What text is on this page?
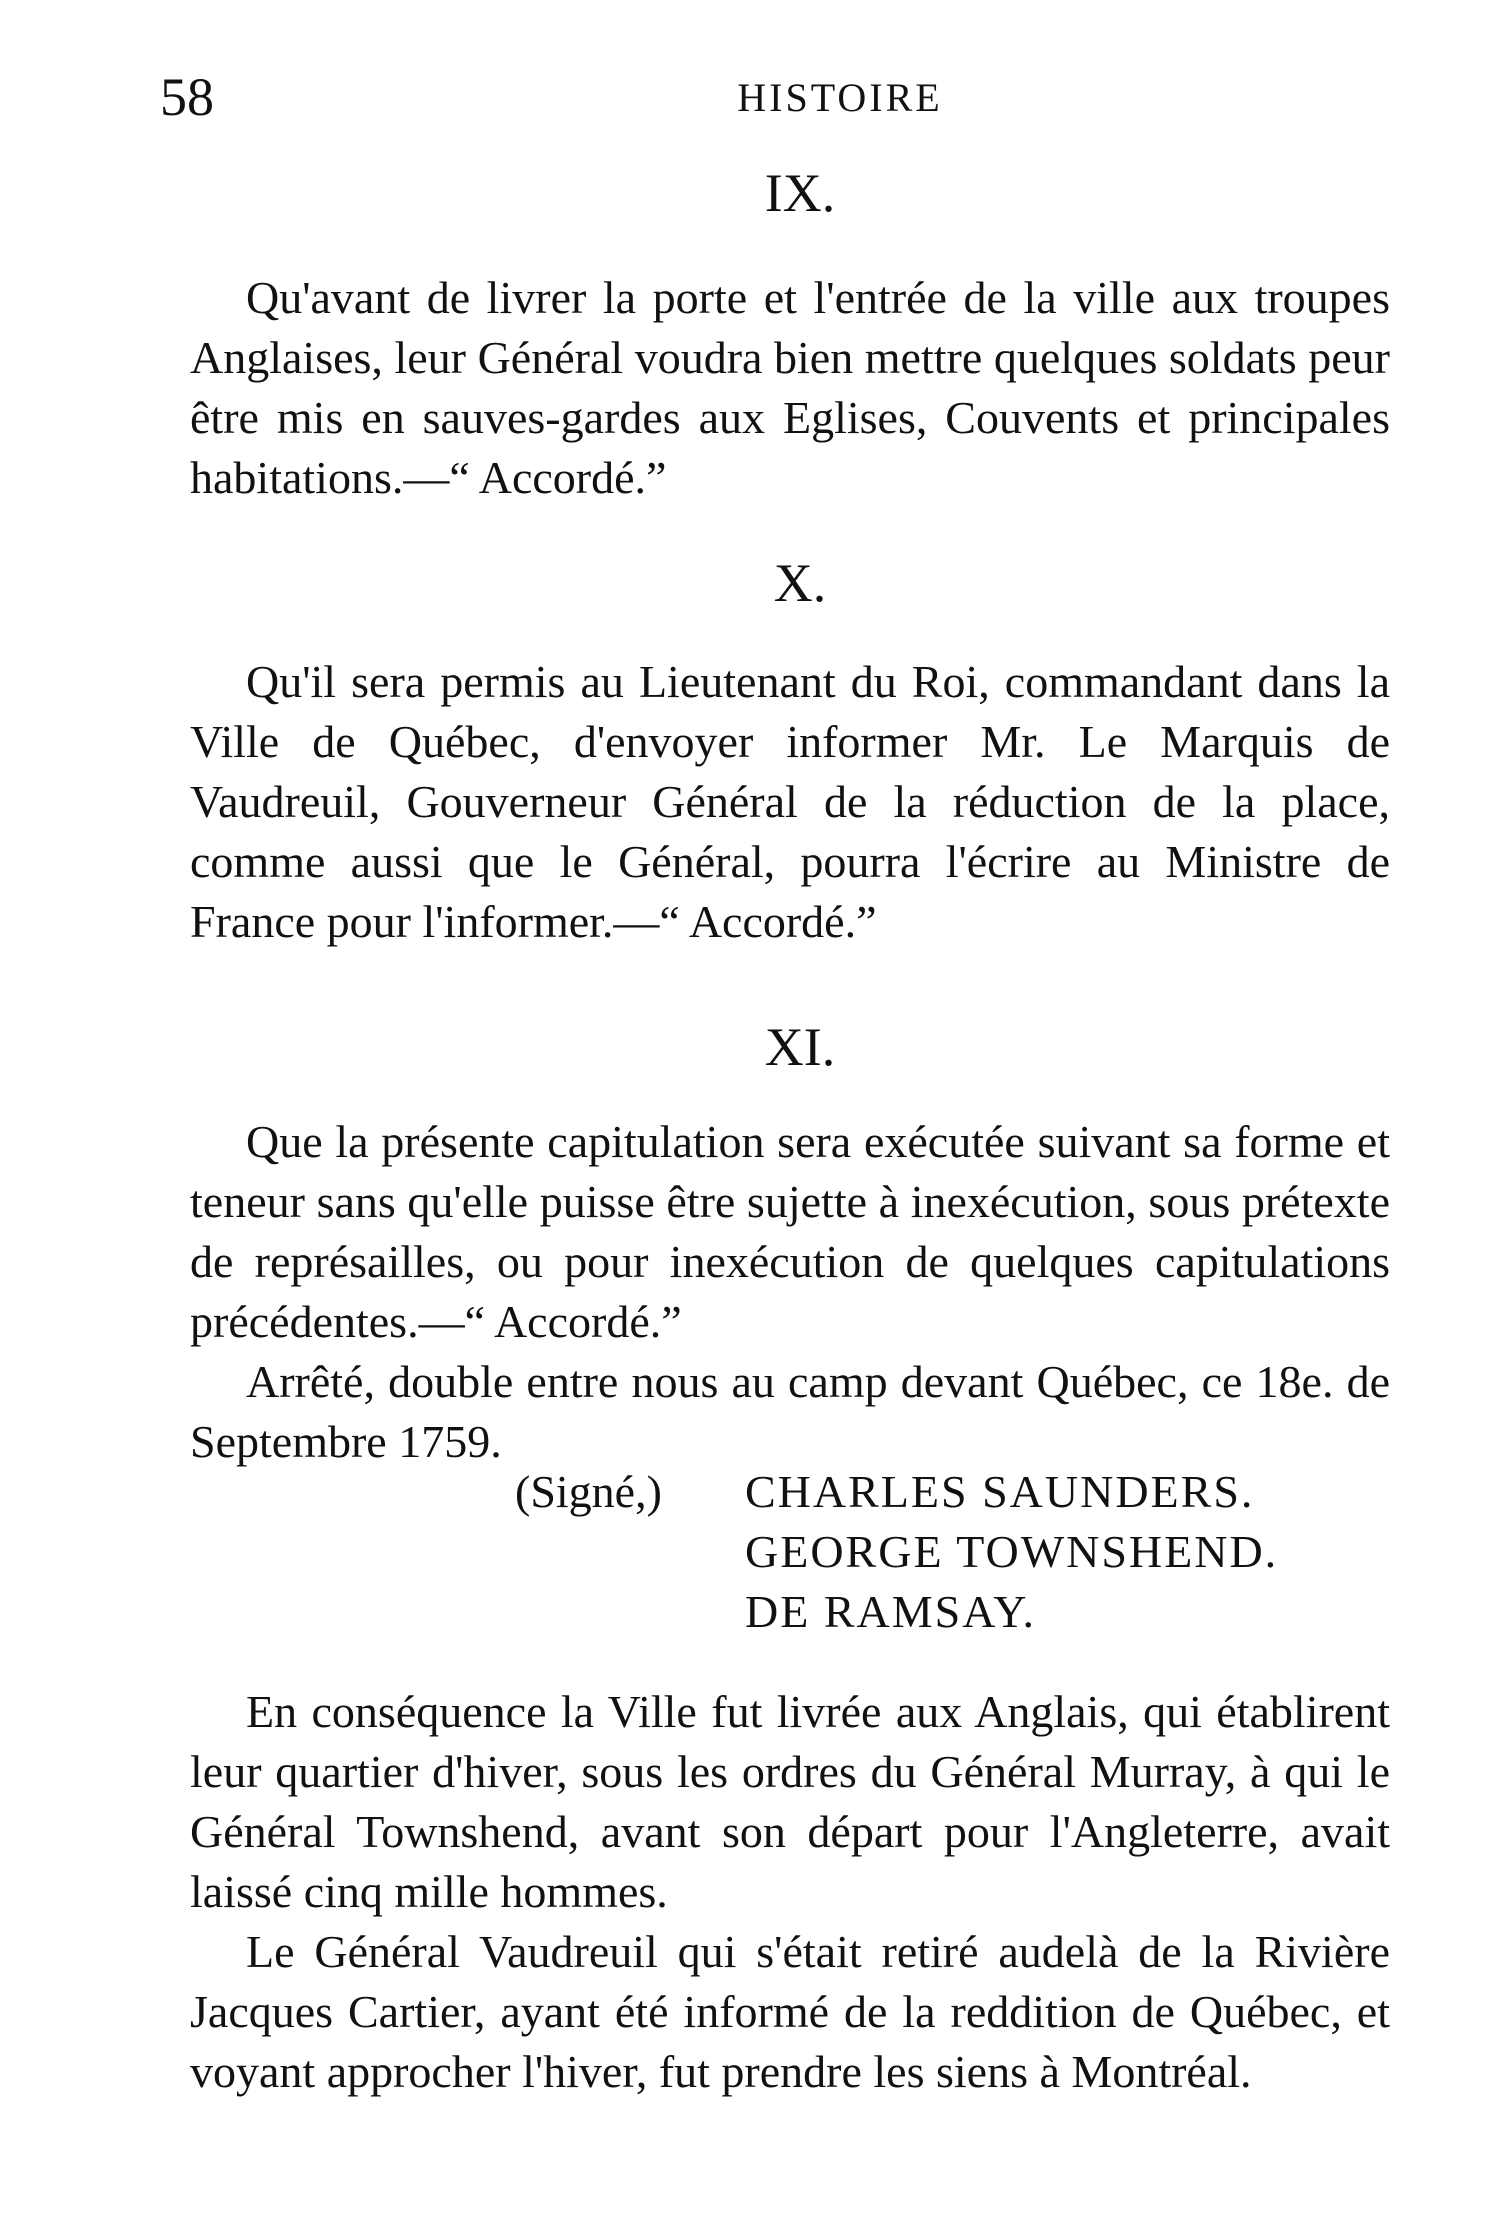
58	HISTOIRE
IX.

Qu'avant de livrer la porte et l'entrée de la ville aux troupes Anglaises, leur Général voudra bien mettre quelques soldats peur être mis en sauves-gardes aux Eglises, Couvents et principales habitations.—“ Accordé.”

X.

Qu'il sera permis au Lieutenant du Roi, commandant dans la Ville de Québec, d'envoyer informer Mr. Le Marquis de Vaudreuil, Gouverneur Général de la réduction de la place, comme aussi que le Général, pourra l'écrire au Ministre de France pour l'informer.—“ Accordé.”

XI.

Que la présente capitulation sera exécutée suivant sa forme et teneur sans qu'elle puisse être sujette à inexécution, sous prétexte de représailles, ou pour inexécution de quelques capitulations précédentes.—“ Accordé.”

Arrêté, double entre nous au camp devant Québec, ce 18e. de Septembre 1759.

(Signé,) CHARLES SAUNDERS.
GEORGE TOWNSHEND.
DE RAMSAY.

En conséquence la Ville fut livrée aux Anglais, qui établirent leur quartier d'hiver, sous les ordres du Général Murray, à qui le Général Townshend, avant son départ pour l'Angleterre, avait laissé cinq mille hommes.

Le Général Vaudreuil qui s'était retiré audelà de la Rivière Jacques Cartier, ayant été informé de la reddition de Québec, et voyant approcher l'hiver, fut prendre les siens à Montréal.
